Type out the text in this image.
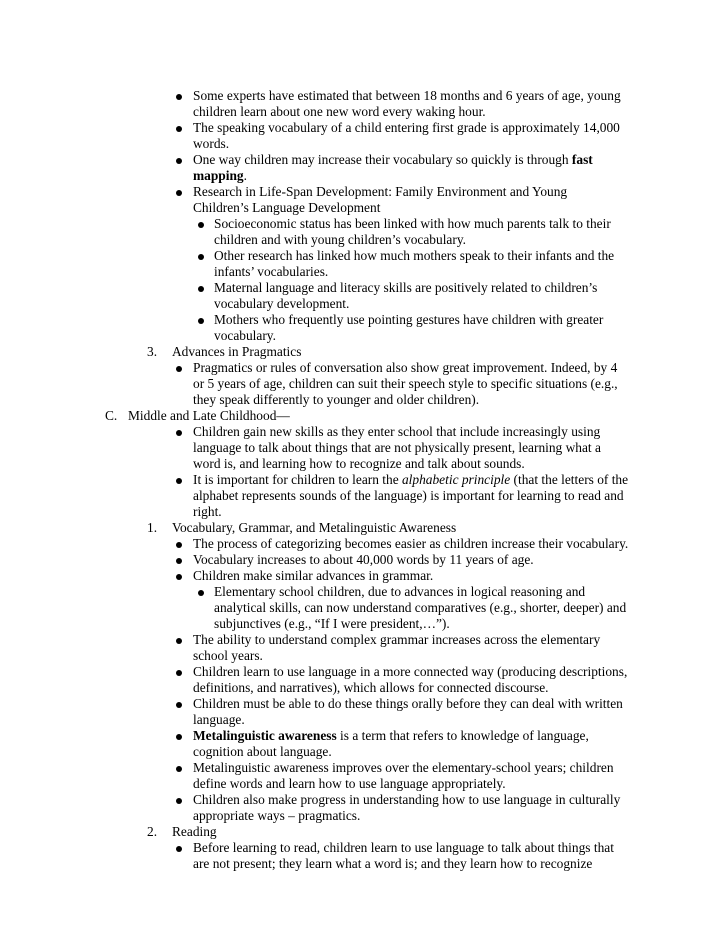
Some experts have estimated that between 18 months and 6 years of age, young
children learn about one new word every waking hour.
The speaking vocabulary of a child entering first grade is approximately 14,000
words.
One way children may increase their vocabulary so quickly is through fast
mapping.
Research in Life-Span Development: Family Environment and Young
Children’s Language Development
Socioeconomic status has been linked with how much parents talk to their
children and with young children’s vocabulary.
Other research has linked how much mothers speak to their infants and the
infants’ vocabularies.
Maternal language and literacy skills are positively related to children’s
vocabulary development.
Mothers who frequently use pointing gestures have children with greater
vocabulary.
3. Advances in Pragmatics
Pragmatics or rules of conversation also show great improvement. Indeed, by 4
or 5 years of age, children can suit their speech style to specific situations (e.g.,
they speak differently to younger and older children).
C. Middle and Late Childhood—
Children gain new skills as they enter school that include increasingly using
language to talk about things that are not physically present, learning what a
word is, and learning how to recognize and talk about sounds.
It is important for children to learn the alphabetic principle (that the letters of the
alphabet represents sounds of the language) is important for learning to read and
right.
1. Vocabulary, Grammar, and Metalinguistic Awareness
The process of categorizing becomes easier as children increase their vocabulary.
Vocabulary increases to about 40,000 words by 11 years of age.
Children make similar advances in grammar.
Elementary school children, due to advances in logical reasoning and
analytical skills, can now understand comparatives (e.g., shorter, deeper) and
subjunctives (e.g., “If I were president,…”).
The ability to understand complex grammar increases across the elementary
school years.
Children learn to use language in a more connected way (producing descriptions,
definitions, and narratives), which allows for connected discourse.
Children must be able to do these things orally before they can deal with written
language.
Metalinguistic awareness is a term that refers to knowledge of language,
cognition about language.
Metalinguistic awareness improves over the elementary-school years; children
define words and learn how to use language appropriately.
Children also make progress in understanding how to use language in culturally
appropriate ways – pragmatics.
2. Reading
Before learning to read, children learn to use language to talk about things that
are not present; they learn what a word is; and they learn how to recognize
